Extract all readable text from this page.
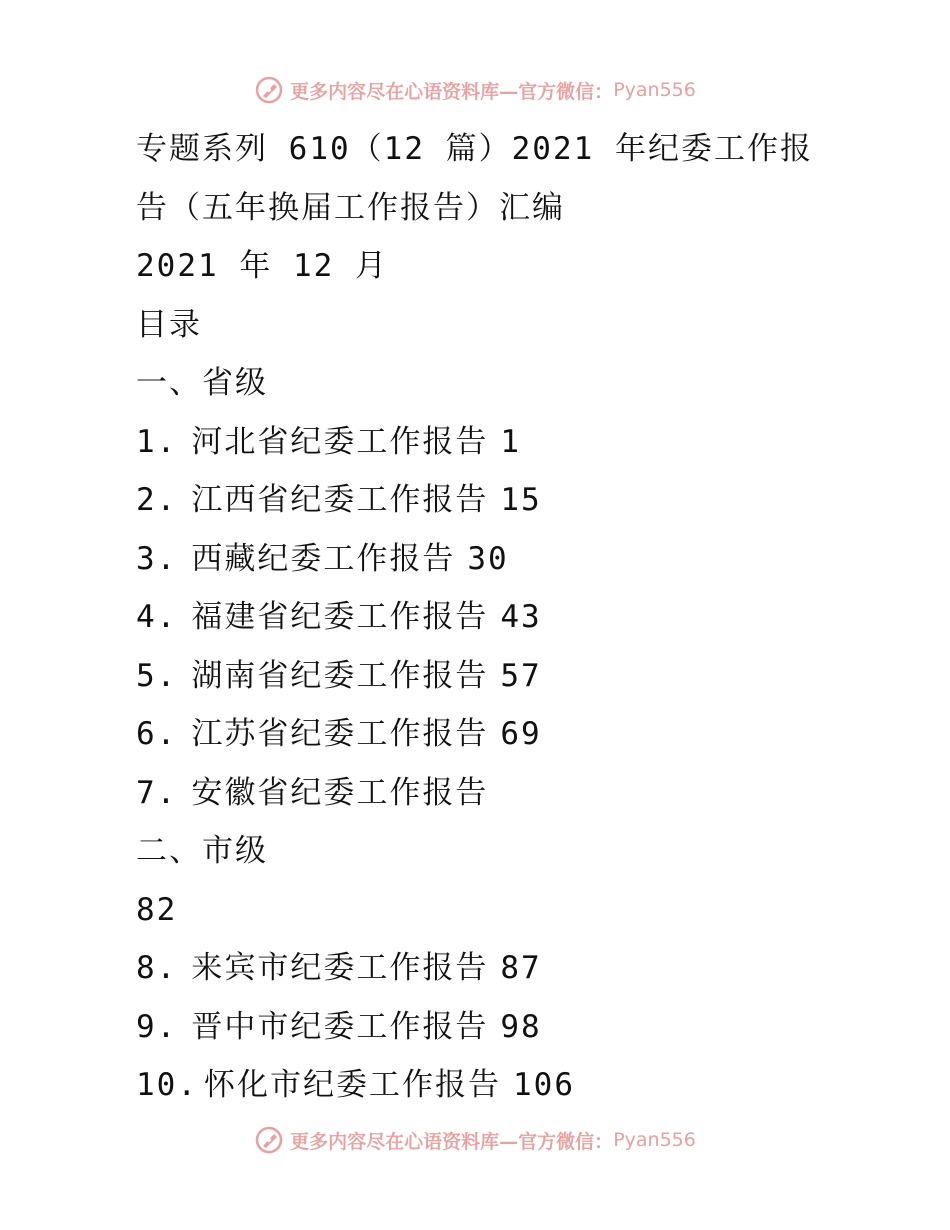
更多内容尽在心语资料库 —官方微信： Pyan556
专题系列 610（12 篇）2021 年纪委工作报
告（五年换届工作报告）汇编
2021 年 12 月
目录
一、省级
1. 河北省纪委工作报告 1
2. 江西省纪委工作报告 15
3. 西藏纪委工作报告 30
4. 福建省纪委工作报告 43
5. 湖南省纪委工作报告 57
6. 江苏省纪委工作报告 69
7. 安徽省纪委工作报告
二、市级
82
8. 来宾市纪委工作报告 87
9. 晋中市纪委工作报告 98
10. 怀化市纪委工作报告 106
更多内容尽在心语资料库 —官方微信： Pyan556
